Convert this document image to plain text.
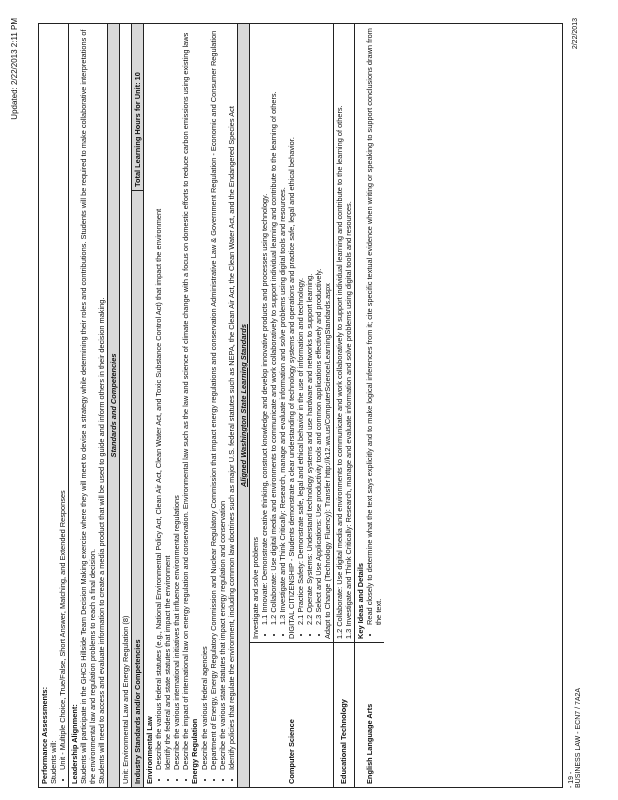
Updated: 2/22/2013 2:11 PM
Performance Assessments: Students will: • Unit - Multiple Choice, True/False, Short Answer, Matching, and Extended Responses Leadership Alignment: Students will participate in the GHCS Hillside Team Decision Making exercise where they will meet to devise a strategy while determining their roles and contributions. Students will be required to make collaborative interpretations of the environmental law and regulation problems to reach a final decision. Students will need to access and evaluate information to create a media product that will be used to guide and inform others in their decision making. Standards and Competencies
Unit: Environmental Law and Energy Regulation (8) Industry Standards and/or Competencies
Total Learning Hours for Unit: 10
Environmental Law • Describe the various federal statutes (e.g., National Environmental Policy Act, Clean Air Act, Clean Water Act, and Toxic Substance Control Act) that impact the environment • Identify the federal and state statutes that impact the environment • Describe the various international initiatives that influence environmental regulations • Describe the impact of international law on energy regulation and conservation. Environmental law such as the law and science of climate change with a focus on domestic efforts to reduce carbon emissions using existing laws Energy Regulation • Describe the various federal agencies • Department of Energy, Energy Regulatory Commission and Nuclear Regulatory Commission that impact energy regulations and conservation Administrative Law & Government Regulation - Economic and Consumer Regulation • Describe the various state statutes that impact energy regulation and conservation • Identify policies that regulate the environment, including common law doctrines such as major U.S. federal statutes such as NEPA, the Clean Air Act, the Clean Water Act, and the Endangered Species Act Aligned Washington State Learning Standards
Computer Science
Investigate and solve problems • 1.1 Innovate: Demonstrate creative thinking, construct knowledge and develop innovative products and processes using technology. • 1.2 Collaborate: Use digital media and environments to communicate and work collaboratively to support individual learning and contribute to the learning of others. • 1.3 Investigate and Think Critically: Research, manage and evaluate information and solve problems using digital tools and resources. DIGITAL CITIZENSHIP - Students demonstrate a clear understanding of technology systems and operations and practice safe, legal and ethical behavior. • 2.1 Practice Safety: Demonstrate safe, legal and ethical behavior in the use of information and technology. • 2.2 Operate Systems: Understand technology systems and use hardware and networks to support learning. • 2.3 Select and Use Applications: Use productivity tools and common applications effectively and productively. Adapt to Change (Technology Fluency): Transfer http://k12.wa.us/ComputerScience/LearningStandards.aspx
Educational Technology
1.2 Collaborate: Use digital media and environments to communicate and work collaboratively to support individual learning and contribute to the learning of others. 1.3 Investigate and Think Critically: Research, manage and evaluate information and solve problems using digital tools and resources.
English Language Arts
Key Ideas and Details • Read closely to determine what the text says explicitly and to make logical inferences from it; cite specific textual evidence when writing or speaking to support conclusions drawn from the text.
- 19 - BUSINESS LAW - ECN7 / 7A2A
2/22/2013
